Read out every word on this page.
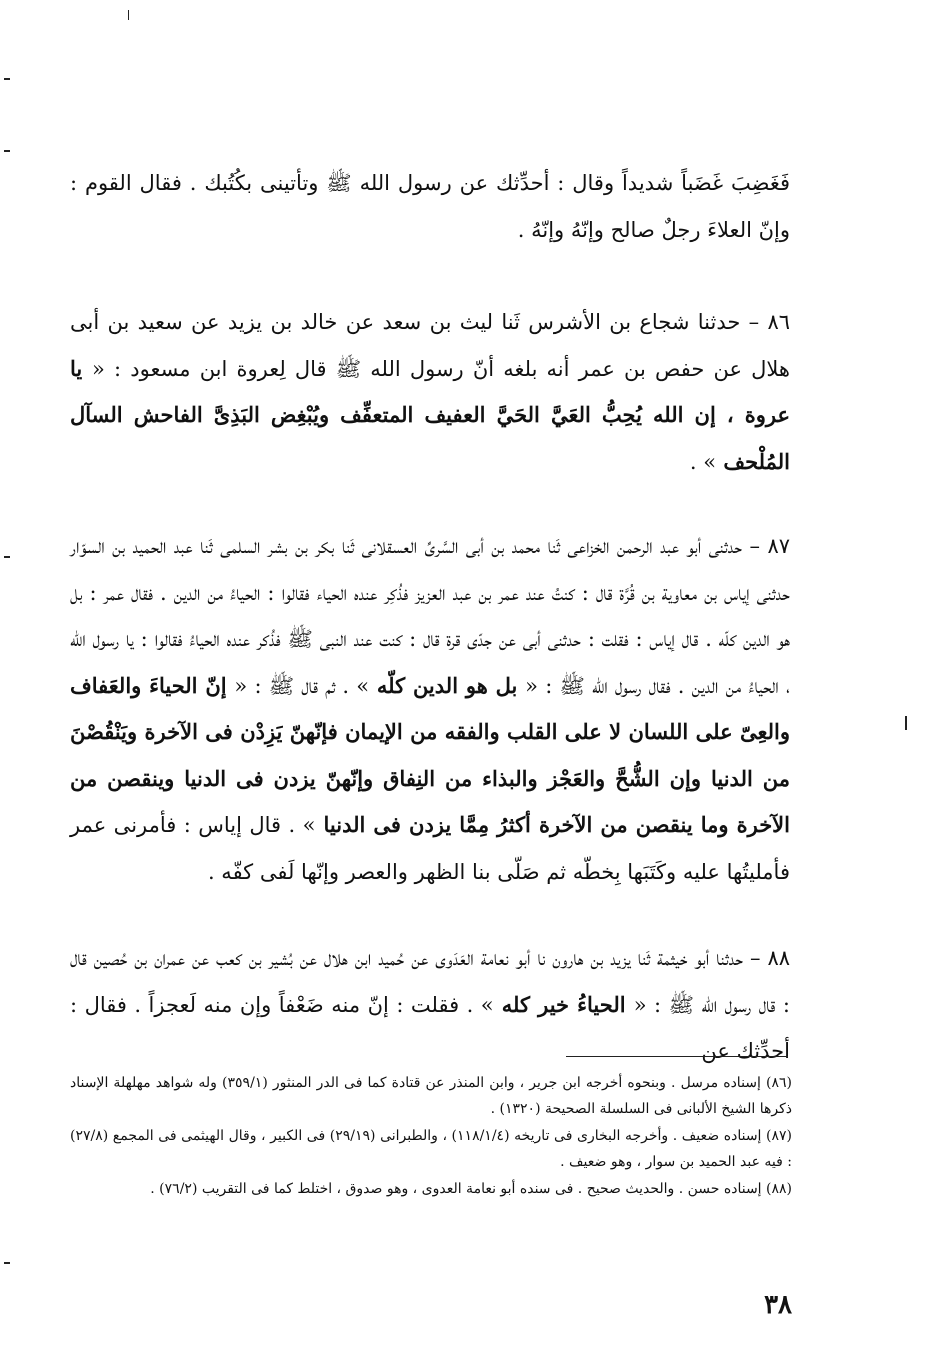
فَغَضِبَ غَضَباً شديداً وقال : أحدِّثك عن رسول الله ﷺ وتأتينى بكُتُبك . فقال القوم : وإنّ العلاءَ رجلٌ صالح وإنّهُ وإنّهُ .

٨٦ – حدثنا شجاع بن الأشرس ثَنا ليث بن سعد عن خالد بن يزيد عن سعيد بن أبى هلال عن حفص بن عمر أنه بلغه أنّ رسول الله ﷺ قال لِعروة ابن مسعود : « يا عروة ، إن الله يُحِبُّ العَيَّ الحَيَّ العفيف المتعفِّف ويُبْغِض البَذِىَّ الفاحش السآل المُلْحف » .

٨٧ – حدثنى أبو عبد الرحمن الخزاعى ثَنا محمد بن أبى السَّرىِّ العسقلانى ثَنا بكر بن بشر السلمى ثَنا عبد الحميد بن السوّار حدثنى إياس بن معاوية بن قُرَّة قال : كنتُ عند عمر بن عبد العزيز فذُكِر عنده الحياء فقالوا : الحياءُ من الدين . فقال عمر : بل هو الدين كلّه . قال إياس : فقلت : حدثنى أبى عن جدّى قرة قال : كنت عند النبى ﷺ فذُكر عنده الحياءُ فقالوا : يا رسول الله ، الحياءُ من الدين . فقال رسول الله ﷺ : « بل هو الدين كلّه » . ثم قال ﷺ : « إنّ الحياءَ والعَفاف والعِىّ على اللسان لا على القلب والفقه من الإيمان فإنّهنّ يَزِدْن فى الآخرة ويَنْقُصْنَ من الدنيا وإن الشُّحَّ والعَجْز والبذاء من النِفاق وإنّهنّ يزدن فى الدنيا وينقصن من الآخرة وما ينقصن من الآخرة أكثرُ مِمَّا يزدن فى الدنيا » . قال إياس : فأمرنى عمر فأمليتُها عليه وكَتَبَها بِخطّه ثم صَلّى بنا الظهر والعصر وإنّها لَفى كفّه .

٨٨ – حدثنا أبو خيثمة ثَنا يزيد بن هارون نا أبو نعامة العَدَوى عن حُميد ابن هلال عن بُشير بن كعب عن عمران بن حُصين قال : قال رسول الله ﷺ : « الحياءُ خير كله » . فقلت : إنّ منه ضَعْفاً وإن منه لَعجزاً . فقال : أحدِّثك عن

(٨٦) إسناده مرسل . وبنحوه أخرجه ابن جرير ، وابن المنذر عن قتادة كما فى الدر المنثور (٣٥٩/١) وله شواهد مهلهلة الإسناد ذكرها الشيخ الألبانى فى السلسلة الصحيحة (١٣٢٠) .

(٨٧) إسناده ضعيف . وأخرجه البخارى فى تاريخه (١١٨/١/٤) ، والطبرانى (٢٩/١٩) فى الكبير ، وقال الهيثمى فى المجمع (٢٧/٨) : فيه عبد الحميد بن سوار ، وهو ضعيف .

(٨٨) إسناده حسن . والحديث صحيح . فى سنده أبو نعامة العدوى ، وهو صدوق ، اختلط كما فى التقريب (٧٦/٢) .

٣٨
